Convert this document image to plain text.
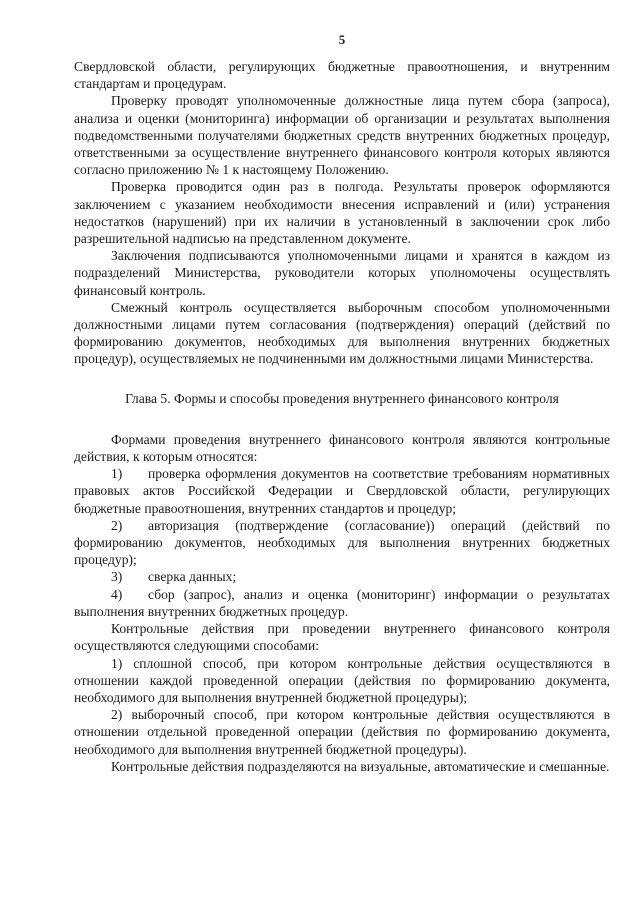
5

Свердловской области, регулирующих бюджетные правоотношения, и внутренним стандартам и процедурам.

Проверку проводят уполномоченные должностные лица путем сбора (запроса), анализа и оценки (мониторинга) информации об организации и результатах выполнения подведомственными получателями бюджетных средств внутренних бюджетных процедур, ответственными за осуществление внутреннего финансового контроля которых являются согласно приложению № 1 к настоящему Положению.

Проверка проводится один раз в полгода. Результаты проверок оформляются заключением с указанием необходимости внесения исправлений и (или) устранения недостатков (нарушений) при их наличии в установленный в заключении срок либо разрешительной надписью на представленном документе.

Заключения подписываются уполномоченными лицами и хранятся в каждом из подразделений Министерства, руководители которых уполномочены осуществлять финансовый контроль.

Смежный контроль осуществляется выборочным способом уполномоченными должностными лицами путем согласования (подтверждения) операций (действий по формированию документов, необходимых для выполнения внутренних бюджетных процедур), осуществляемых не подчиненными им должностными лицами Министерства.

Глава 5. Формы и способы проведения внутреннего финансового контроля

Формами проведения внутреннего финансового контроля являются контрольные действия, к которым относятся:

1) проверка оформления документов на соответствие требованиям нормативных правовых актов Российской Федерации и Свердловской области, регулирующих бюджетные правоотношения, внутренних стандартов и процедур;

2) авторизация (подтверждение (согласование)) операций (действий по формированию документов, необходимых для выполнения внутренних бюджетных процедур);

3) сверка данных;

4) сбор (запрос), анализ и оценка (мониторинг) информации о результатах выполнения внутренних бюджетных процедур.

Контрольные действия при проведении внутреннего финансового контроля осуществляются следующими способами:

1) сплошной способ, при котором контрольные действия осуществляются в отношении каждой проведенной операции (действия по формированию документа, необходимого для выполнения внутренней бюджетной процедуры);

2) выборочный способ, при котором контрольные действия осуществляются в отношении отдельной проведенной операции (действия по формированию документа, необходимого для выполнения внутренней бюджетной процедуры).

Контрольные действия подразделяются на визуальные, автоматические и смешанные.
